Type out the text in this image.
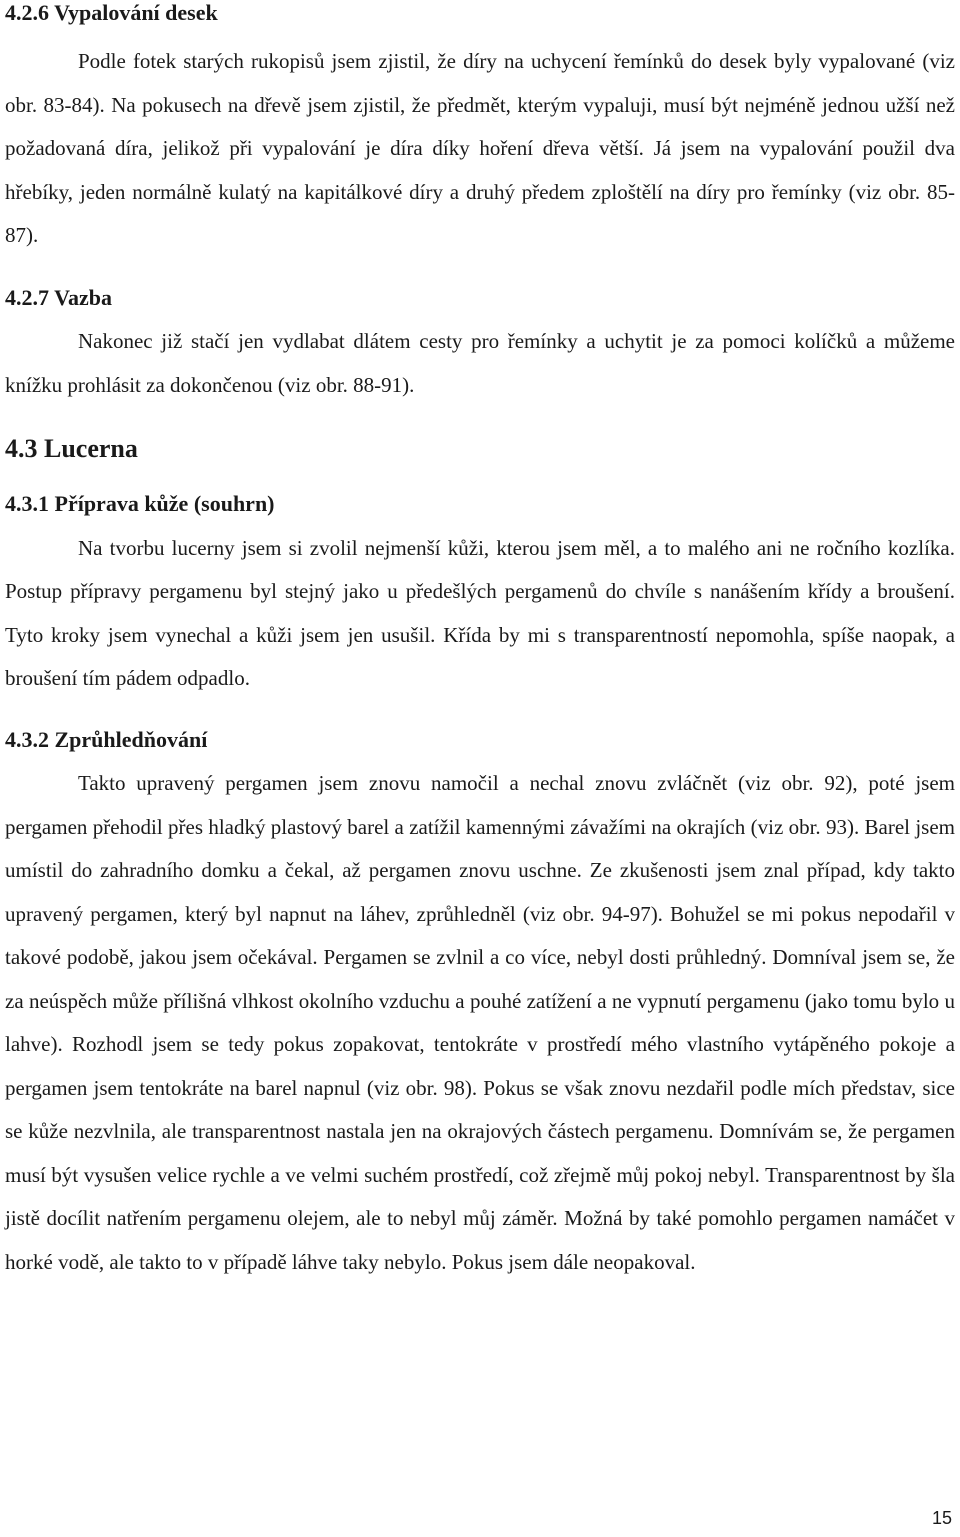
4.2.6 Vypalování desek

Podle fotek starých rukopisů jsem zjistil, že díry na uchycení řemínků do desek byly vypalované (viz obr. 83-84). Na pokusech na dřevě jsem zjistil, že předmět, kterým vypaluji, musí být nejméně jednou užší než požadovaná díra, jelikož při vypalování je díra díky hoření dřeva větší. Já jsem na vypalování použil dva hřebíky, jeden normálně kulatý na kapitálkové díry a druhý předem zploštělí na díry pro řemínky (viz obr. 85-87).

4.2.7 Vazba

Nakonec již stačí jen vydlabat dlátem cesty pro řemínky a uchytit je za pomoci kolíčků a můžeme knížku prohlásit za dokončenou (viz obr. 88-91).

4.3 Lucerna
4.3.1 Příprava kůže (souhrn)

Na tvorbu lucerny jsem si zvolil nejmenší kůži, kterou jsem měl, a to malého ani ne ročního kozlíka. Postup přípravy pergamenu byl stejný jako u předešlých pergamenů do chvíle s nanášením křídy a broušení. Tyto kroky jsem vynechal a kůži jsem jen usušil. Křída by mi s transparentností nepomohla, spíše naopak, a broušení tím pádem odpadlo.

4.3.2 Zprůhledňování

Takto upravený pergamen jsem znovu namočil a nechal znovu zvláčnět (viz obr. 92), poté jsem pergamen přehodil přes hladký plastový barel a zatížil kamennými závažími na okrajích (viz obr. 93). Barel jsem umístil do zahradního domku a čekal, až pergamen znovu uschne. Ze zkušenosti jsem znal případ, kdy takto upravený pergamen, který byl napnut na láhev, zprůhledněl (viz obr. 94-97). Bohužel se mi pokus nepodařil v takové podobě, jakou jsem očekával. Pergamen se zvlnil a co více, nebyl dosti průhledný. Domníval jsem se, že za neúspěch může přílišná vlhkost okolního vzduchu a pouhé zatížení a ne vypnutí pergamenu (jako tomu bylo u lahve). Rozhodl jsem se tedy pokus zopakovat, tentokráte v prostředí mého vlastního vytápěného pokoje a pergamen jsem tentokráte na barel napnul (viz obr. 98). Pokus se však znovu nezdařil podle mích představ, sice se kůže nezvlnila, ale transparentnost nastala jen na okrajových částech pergamenu. Domnívám se, že pergamen musí být vysušen velice rychle a ve velmi suchém prostředí, což zřejmě můj pokoj nebyl. Transparentnost by šla jistě docílit natřením pergamenu olejem, ale to nebyl můj záměr. Možná by také pomohlo pergamen namáčet v horké vodě, ale takto to v případě láhve taky nebylo. Pokus jsem dále neopakoval.

15
